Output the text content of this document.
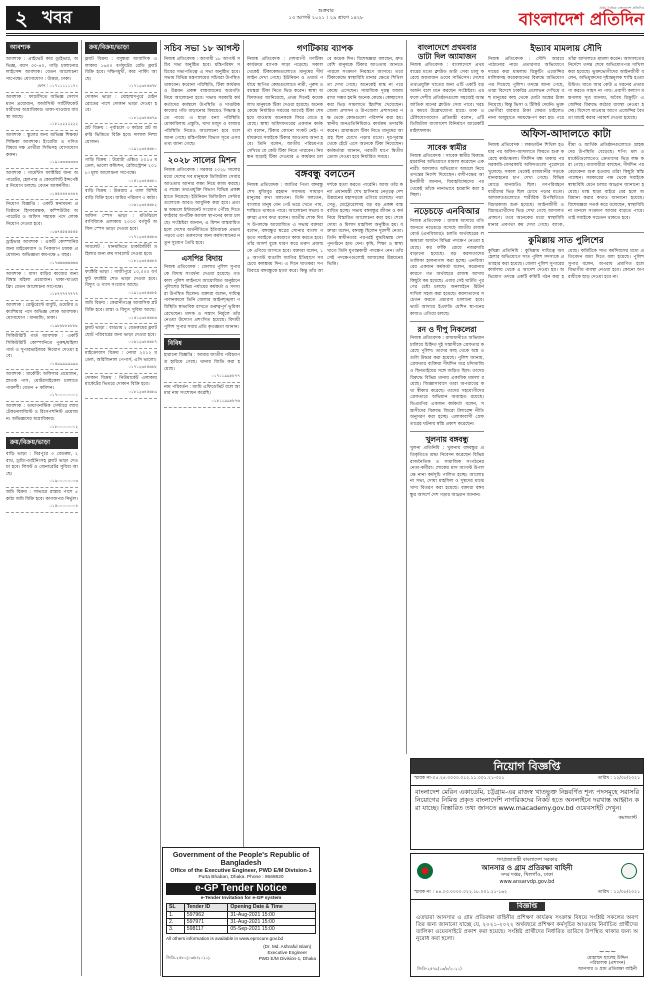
২ খবর	শুক্রবার
১৩ আগস্ট ২০২১ । ২৯ শ্রাবণ ১৪২৮
প্রথম দৈনিক বাংলাদেশ প্রতিদিন
বাংলাদেশ প্রতিদিন
আবশ্যক
আবশ্যক : প্রাইভেট কার ড্রাইভার, অভিজ্ঞ, বয়স ৩০-৪০, গাড়ি চালানোর লাইসেন্স আবশ্যক। বেতন আলোচনা সাপেক্ষে। যোগাযোগ : উত্তরা, ঢাকা।
ফোন : ০১৭১১১১১১৭১
আবশ্যক : ফার্মেসিতে অভিজ্ঞ সেলসম্যান প্রয়োজন, ফার্মাসিস্ট সার্টিফিকেটধারীদের অগ্রাধিকার। থাকা-খাওয়ার ব্যবস্থা আছে।
০১৮১২২২২২২২
আবশ্যক : স্কুলের জন্য অভিজ্ঞ শিক্ষক/শিক্ষিকা আবশ্যক। ইংরেজি ও গণিত বিষয়ে দক্ষ প্রার্থীরা সিভিসহ যোগাযোগ করুন।
০১৯১৩৩৩৩৩৩৩
আবশ্যক : গার্মেন্টস ফ্যাক্টরির জন্য অপারেটর, হেলপার ও কোয়ালিটি ইন্সপেক্টর নিয়োগ চলছে। বেতন আকর্ষণীয়।
০১৫৫৪৪৪৪৪৪৪
নিয়োগ বিজ্ঞপ্তি : একটি স্বনামধন্য প্রতিষ্ঠানে হিসাবরক্ষক, কম্পিউটার অপারেটর ও অফিস সহায়ক পদে লোক নিয়োগ দেওয়া হবে।
০১৬৭৫৫৫৫৫৫৫
ড্রাইভার আবশ্যক : একটি কোম্পানির জন্য মাইক্রোবাস ও পিকআপ চালক প্রয়োজন। অভিজ্ঞতা কমপক্ষে ৫ বছর।
০১৭৬৬৬৬৬৬৬৬
আবশ্যক : বাসা বাড়ির কাজের জন্য বিশ্বস্ত মহিলা প্রয়োজন। থাকা-খাওয়া ফ্রি। বেতন আলোচনা সাপেক্ষে।
০১৮৭৭৭৭৭৭৭৭
আবশ্যক : রেস্টুরেন্টে বাবুর্চি, ওয়েটার ও ক্যাশিয়ার পদে অভিজ্ঞ লোক আবশ্যক। যোগাযোগ : ধানমন্ডি, ঢাকা।
০১৯৮৮৮৮৮৮৮৮
সিকিউরিটি গার্ড আবশ্যক : একটি সিকিউরিটি কোম্পানিতে পুরুষ/মহিলা গার্ড ও সুপারভাইজার নিয়োগ দেওয়া হবে।
০১৫৯৯৯৯৯৯৯৯
আবশ্যক : মার্কেটিং অফিসার প্রয়োজন, স্নাতক পাস, মোটরসাইকেল চালাতে পারদর্শী। বেতন + কমিশন।
০১৭০০০০০০০১
আবশ্যক : ডায়াগনস্টিক সেন্টারে ল্যাব টেকনোলজিস্ট ও রিসেপশনিস্ট প্রয়োজন। অভিজ্ঞদের অগ্রাধিকার।
০১৮০০০০০০০২
ক্রয়/বিক্রয়/ভাড়া
বাড়ি ভাড়া : মিরপুরে ৩ বেডরুম, ২ বাথ, ড্রয়িং-ডাইনিংসহ ফ্ল্যাট ভাড়া দেওয়া হবে। লিফট ও জেনারেটর সুবিধা আছে।
০১৯০০০০০০০৩
জমি বিক্রয় : সাভারে রাস্তার পাশে ৫ কাঠা জমি বিক্রি হবে। কাগজপত্র নির্ভুল।
০১৫০০০০০০০৪
ক্রয়/বিক্রয়/ভাড়া
ফ্ল্যাট বিক্রয় : বসুন্ধরা আবাসিক এলাকায় ১৬০০ বর্গফুটের রেডি ফ্ল্যাট বিক্রি হবে। দক্ষিণমুখী, কার পার্কিং আছে।
০১৭১২৩৪৫৬৭৮
দোকান ভাড়া : মোহাম্মদপুরে মেইন রোডের পাশে দোকান ভাড়া দেওয়া হবে।
০১৮১২৩৪৫৬৭৯
প্লট বিক্রয় : পূর্বাচলে ৩ কাঠার প্লট জরুরি ভিত্তিতে বিক্রি হবে। দালাল নিষ্প্রয়োজন।
০১৯১২৩৪৫৬৮০
গাড়ি বিক্রয় : টয়োটা এক্সিও ২০১৫ মডেল, ভালো কন্ডিশন, রেজিস্ট্রেশন ২০১৮। মূল্য আলোচনা সাপেক্ষে।
০১৫১২৩৪৫৬৮১
বাড়ি বিক্রয় : উত্তরায় ৫ তলা বিশিষ্ট বাড়ি বিক্রি হবে। জমির পরিমাণ ৩ কাঠা।
০১৬১২৩৪৫৬৮২
অফিস স্পেস ভাড়া : মতিঝিলে বাণিজ্যিক এলাকায় ২০০০ বর্গফুট অফিস স্পেস ভাড়া দেওয়া হবে।
০১৭১২৩৪৫৬৮৩
সাবলেট : ধানমন্ডিতে চাকরিজীবী মহিলার জন্য রুম সাবলেট দেওয়া হবে।
০১৮১২৩৪৫৬৮৪
ফ্যাক্টরি ভাড়া : গাজীপুরে ১০,০০০ বর্গফুট ফ্যাক্টরি শেড ভাড়া দেওয়া হবে। বিদ্যুৎ ও গ্যাস সংযোগ আছে।
০১৯১২৩৪৫৬৮৫
জমি বিক্রয় : কেরানীগঞ্জে আবাসিক প্লট বিক্রি হবে। রাস্তা ও বিদ্যুৎ সুবিধা আছে।
০১৫১২৩৪৫৬৮৬
ফ্ল্যাট ভাড়া : বাড্ডায় ২ বেডরুমের ফ্ল্যাট ছোট পরিবারের জন্য ভাড়া দেওয়া হবে।
০১৬১২৩৪৫৬৮৭
মাইক্রোবাস বিক্রয় : নোয়া ২০১২ মডেল, অরিজিনাল পেপার্স, এসি ভালো।
০১৭১২৩৪৫৬৮৮
দোকান বিক্রয় : নিউমার্কেট এলাকায় মার্কেটের ভিতরে দোকান বিক্রি হবে।
০১৮১২৩৪৫৬৮৯
সচিব সভা ১৮ আগস্ট
নিজস্ব প্রতিবেদক : আগামী ১৮ আগস্ট সচিব সভা অনুষ্ঠিত হবে। মন্ত্রিপরিষদ সচিবের সভাপতিত্বে এ সভা অনুষ্ঠিত হবে। সভায় বিভিন্ন মন্ত্রণালয়ের সচিবরা উপস্থিত থাকবেন। করোনা পরিস্থিতি, টিকা কার্যক্রম ও উন্নয়ন প্রকল্প বাস্তবায়নের অগ্রগতি নিয়ে আলোচনা হবে। সভায় সরকারি কর্মকর্তাদের কর্মস্থলে উপস্থিতি ও দাপ্তরিক কাজের গতি বাড়ানোর বিষয়েও সিদ্ধান্ত হতে পারে। এ ছাড়া বন্যা পরিস্থিতি মোকাবিলায় প্রস্তুতি, খাদ্য মজুদ ও বাজার পরিস্থিতি নিয়েও আলোচনা হবে বলে জানা গেছে। মন্ত্রিপরিষদ বিভাগ সূত্রে এসব তথ্য জানা গেছে।
২০২৮ সালের মিশন
নিজস্ব প্রতিবেদক : সরকার ২০২৮ সালের মধ্যে দেশের সব মানুষকে ডিজিটাল সেবার আওতায় আনার লক্ষ্য নিয়ে কাজ করছে। এ লক্ষ্যে তথ্যপ্রযুক্তি বিভাগ বিভিন্ন প্রকল্প হাতে নিয়েছে। ইউনিয়ন ডিজিটাল সেন্টারগুলোকে আরও আধুনিক করা হবে। প্রত্যন্ত অঞ্চলে ইন্টারনেট সংযোগ পৌঁছে দিতে ফাইবার অপটিক ক্যাবল স্থাপনের কাজ চলছে। সংশ্লিষ্টরা জানান, এ মিশন বাস্তবায়িত হলে দেশের অর্থনীতিতে ইতিবাচক প্রভাব পড়বে এবং তরুণদের জন্য কর্মসংস্থানের নতুন সুযোগ তৈরি হবে।
এসপির বিদায়
নিজস্ব প্রতিবেদক : জেলার পুলিশ সুপারকে বিদায় সংবর্ধনা দেওয়া হয়েছে। গতকাল পুলিশ লাইনসে আয়োজিত অনুষ্ঠানে পুলিশের বিভিন্ন পর্যায়ের কর্মকর্তা ও সদস্যরা উপস্থিত ছিলেন। বক্তারা বলেন, দায়িত্ব পালনকালে তিনি জেলার আইনশৃঙ্খলা পরিস্থিতি স্বাভাবিক রাখতে গুরুত্বপূর্ণ ভূমিকা রেখেছেন। মাদক ও সন্ত্রাস নির্মূলে তাঁর নেওয়া উদ্যোগ প্রশংসিত হয়েছে। বিদায়ী পুলিশ সুপার সবার প্রতি কৃতজ্ঞতা জানান।
বিবিধ
হারানো বিজ্ঞপ্তি : আমার জাতীয় পরিচয়পত্র হারিয়ে গেছে। থানায় জিডি করা হয়েছে।
০১৭১১৯৯৮৮৭৭
নাম পরিবর্তন : আমি এফিডেভিট বলে আমার নাম সংশোধন করেছি।
০১৮১১৯৯৮৮৭৬
গণটিকায় ব্যাপক
নিজস্ব প্রতিবেদক : দেশব্যাপী গণটিকা কার্যক্রমে ব্যাপক সাড়া পড়েছে। সকাল থেকেই টিকাকেন্দ্রগুলোতে মানুষের দীর্ঘ লাইন দেখা গেছে। ইউনিয়ন ও ওয়ার্ড পর্যায়ে স্থাপিত কেন্দ্রগুলোতে নারী, পুরুষ ও বয়স্করা টিকা নিতে ভিড় করেন। স্বাস্থ্য অধিদফতর জানিয়েছে, প্রথম দিনেই কয়েক লাখ মানুষকে টিকা দেওয়া হয়েছে। অনেক কেন্দ্রে নির্ধারিত সময়ের আগেই টিকা শেষ হয়ে যাওয়ায় অনেককে ফিরে যেতে হয়েছে। স্বাস্থ্য অধিদফতরের একজন কর্মকর্তা বলেন, টিকার কোনো সংকট নেই। পর্যায়ক্রমে সবাইকে টিকার আওতায় আনা হবে। তিনি বলেন, জাতীয় পরিচয়পত্র দেখিয়ে যে কেউ টিকা নিতে পারবেন। নিবন্ধন ছাড়াই টিকা দেওয়ার এ কার্যক্রম চলবে কয়েক দিন। বিশেষজ্ঞরা বলছেন, দ্রুত বেশি মানুষকে টিকার আওতায় আনতে পারলে সংক্রমণ নিয়ন্ত্রণে আসবে। তবে টিকাকেন্দ্রে স্বাস্থ্যবিধি মানার ক্ষেত্রে শিথিলতা দেখা গেছে। অনেকেই মাস্ক না পরে কেন্দ্রে এসেছেন। সামাজিক দূরত্ব বজায় রাখা সম্ভব হয়নি অনেক কেন্দ্রে। স্বেচ্ছাসেবকরা ভিড় সামলাতে হিমশিম খেয়েছেন। জেলা প্রশাসন ও উপজেলা প্রশাসনের পক্ষ থেকে কেন্দ্রগুলো পরিদর্শন করা হয়। স্থানীয় জনপ্রতিনিধিরাও কার্যক্রম তদারকি করেন। গ্রামাঞ্চলে টিকা নিতে মানুষের আগ্রহ ছিল চোখে পড়ার মতো। দূর-দূরান্ত থেকে হেঁটে এসে অনেকে টিকা নিয়েছেন। কর্মকর্তারা জানান, পরবর্তী ধাপে দ্বিতীয় ডোজ দেওয়া হবে নির্ধারিত সময়ে।
বঙ্গবন্ধু বলতেন
নিজস্ব প্রতিবেদক : জাতির পিতা বঙ্গবন্ধু শেখ মুজিবুর রহমান সবসময় সাধারণ মানুষের কথা বলতেন। তিনি বলতেন, বাংলার মানুষ যেন পেট ভরে খেতে পায়, শান্তিতে থাকতে পারে। আলোচনা সভায় বক্তারা এসব কথা বলেন। জাতীয় শোক দিবস উপলক্ষে আয়োজিত এ সভায় বক্তারা বলেন, বঙ্গবন্ধুর স্বপ্নের সোনার বাংলা গড়তে সবাইকে একযোগে কাজ করতে হবে। তাঁর আদর্শ বুকে ধারণ করে তরুণ প্রজন্মকে এগিয়ে আসতে হবে। বক্তারা বলেন, ১৫ আগস্ট বাঙালি জাতির ইতিহাসে সবচেয়ে কলঙ্কময় দিন। এ দিনে ঘাতকরা সপরিবারে বঙ্গবন্ধুকে হত্যা করে। কিন্তু তাঁর আদর্শকে হত্যা করতে পারেনি। আজ তাঁর কন্যা প্রধানমন্ত্রী শেখ হাসিনার নেতৃত্বে দেশ উন্নয়নের মহাসড়কে এগিয়ে চলেছে। পদ্মা সেতু, মেট্রোরেলসহ বড় বড় প্রকল্প বাস্তবায়িত হচ্ছে। সভায় বঙ্গবন্ধুর জীবন ও কর্ম নিয়ে বিস্তারিত আলোচনা করা হয়। শেষে দোয়া ও মিলাদ মাহফিল অনুষ্ঠিত হয়। বক্তারা বলেন, বঙ্গবন্ধু ছিলেন দূরদর্শী নেতা। তিনি স্বাধীনতার পরপরই যুদ্ধবিধ্বস্ত দেশ পুনর্গঠনে হাত দেন। কৃষি, শিক্ষা ও স্বাস্থ্য খাতে তিনি যুগান্তকারী পদক্ষেপ নেন। তাঁর সেই পদক্ষেপগুলোই আজকের উন্নয়নের ভিত্তি।
বাংলাদেশে প্রথমবার ডাটা দিল অ্যামাজন
নিজস্ব প্রতিবেদক : বাংলাদেশে প্রথমবারের মতো ক্লাউড ডাটা সেবা চালু করেছে অ্যামাজন ওয়েব সার্ভিসেস। দেশের তথ্যপ্রযুক্তি খাতের জন্য এটি একটি বড় অর্জন বলে মনে করছেন সংশ্লিষ্টরা। এর ফলে দেশীয় প্রতিষ্ঠানগুলো সহজেই আন্তর্জাতিক মানের ক্লাউড সেবা পাবে। খরচও কমবে উল্লেখযোগ্য হারে। ডাক ও টেলিযোগাযোগ প্রতিমন্ত্রী বলেন, এটি ডিজিটাল বাংলাদেশ বিনির্মাণে আরেকটি মাইলফলক।
সাবেক স্বামীর
নিজস্ব প্রতিবেদক : সাবেক স্বামীর বিরুদ্ধে হয়রানির অভিযোগে মামলা করেছেন এক নারী। আদালত অভিযোগ আমলে নিয়ে তদন্তের নির্দেশ দিয়েছেন। বাদীপক্ষের আইনজীবী জানান, বিবাহবিচ্ছেদের পর থেকেই তাঁকে নানাভাবে হয়রানি করা হচ্ছিল।
নড়েচড়ে এনবিআর
নিজস্ব প্রতিবেদক : রাজস্ব আদায়ে গতি আনতে নড়েচড়ে বসেছে জাতীয় রাজস্ব বোর্ড (এনবিআর)। চলতি অর্থবছরের লক্ষ্যমাত্রা অর্জনে বিভিন্ন পদক্ষেপ নেওয়া হয়েছে। কর ফাঁকি রোধে নজরদারি বাড়ানো হয়েছে। বড় করদাতাদের তালিকা হালনাগাদ করা হচ্ছে। এনবিআরের একজন কর্মকর্তা বলেন, করোনার কারণে গত অর্থবছরে রাজস্ব আদায় কিছুটা কম হয়েছে। এবার সেই ঘাটতি পূরণের চেষ্টা চলছে। অনলাইনে রিটার্ন দাখিল সহজ করা হয়েছে। করদাতাদের সচেতন করতে প্রচারণা চালানো হবে। ভ্যাট আদায়ে ইএফডি মেশিন স্থাপনের কাজও এগিয়ে চলছে।
রন ও দীপু নিকলেরা
নিজস্ব প্রতিবেদক : রাজধানীতে অভিযান চালিয়ে চিহ্নিত দুই সন্ত্রাসীকে গ্রেফতার করেছে পুলিশ। তাদের কাছ থেকে অস্ত্র ও গুলি উদ্ধার করা হয়েছে। পুলিশ জানায়, গ্রেফতার ব্যক্তিরা দীর্ঘদিন ধরে চাঁদাবাজি ও ছিনতাইয়ের সঙ্গে জড়িত ছিল। তাদের বিরুদ্ধে বিভিন্ন থানায় একাধিক মামলা রয়েছে। জিজ্ঞাসাবাদে তারা অপরাধের কথা স্বীকার করেছে। তাদের সহযোগীদের গ্রেফতারে অভিযান অব্যাহত রয়েছে। ডিএমপির একজন কর্মকর্তা বলেন, সন্ত্রাসীদের বিরুদ্ধে জিরো টলারেন্স নীতি অনুসরণ করা হচ্ছে। এলাকাবাসী গ্রেফতারের ঘটনায় স্বস্তি প্রকাশ করেছেন।
খুলনায় বঙ্গবন্ধু
খুলনা প্রতিনিধি : খুলনায় বঙ্গবন্ধুর প্রতিকৃতিতে শ্রদ্ধা নিবেদন করেছেন বিভিন্ন রাজনৈতিক ও সামাজিক সংগঠনের নেতা-কর্মীরা। শোকের মাস আগস্ট উপলক্ষে নানা কর্মসূচি পালিত হচ্ছে। আলোচনা সভা, দোয়া মাহফিল ও দুস্থদের মাঝে খাদ্য বিতরণ করা হয়েছে। বক্তারা বঙ্গবন্ধুর আদর্শে দেশ গড়ার আহ্বান জানান।
ইভ্যাব মামলায় সৌদি
নিজস্ব প্রতিবেদক : সৌদি আরবে পাঠানোর নামে প্রতারণার অভিযোগে দায়ের করা মামলায় রিক্রুটিং এজেন্সির মালিকসহ কয়েকজনের বিরুদ্ধে অভিযোগপত্র দিয়েছে পুলিশ। তদন্তে জানা গেছে, তারা বিদেশে চাকরির প্রলোভন দেখিয়ে বহু মানুষের কাছ থেকে মোটা অঙ্কের টাকা নিয়েছে। কিন্তু ভিসা ও টিকিট দেয়নি। ভুক্তভোগীরা বারবার টাকা ফেরত চাইলেও নানা অজুহাতে সময়ক্ষেপণ করা হয়। পরে তাঁরা আদালতে মামলা করেন। আদালতের নির্দেশে তদন্ত শেষে অভিযোগপত্র দাখিল করা হয়েছে। ভুক্তভোগীদের আইনজীবী বলেন, অভিযুক্তদের দৃষ্টান্তমূলক শাস্তি হওয়া উচিত। যাতে আর কেউ এ ধরনের প্রতারণা করতে সাহস না পায়। প্রবাসী কল্যাণ মন্ত্রণালয় সূত্র জানায়, অবৈধ রিক্রুটিং এজেন্সির বিরুদ্ধে কঠোর ব্যবস্থা নেওয়া হচ্ছে। বিদেশে যাওয়ার আগে এজেন্সির বৈধতা যাচাই করার পরামর্শ দেওয়া হয়েছে।
অফিস-আদালতে কাটা
নিজস্ব প্রতিবেদক : লকডাউন শিথিল হওয়ার পর অফিস-আদালতে ফিরতে শুরু করেছে কর্মচাঞ্চল্য। দীর্ঘদিন বন্ধ থাকার পর সরকারি-বেসরকারি অফিসগুলো পুরোদমে খুলেছে। সকাল থেকেই রাজধানীর সড়কে যানবাহনের চাপ দেখা গেছে। বিভিন্ন মোড়ে যানজটও ছিল। গণপরিবহনে যাত্রীদের ভিড় ছিল চোখে পড়ার মতো। আদালতগুলোতে শারীরিক উপস্থিতিতে বিচারকাজ শুরু হয়েছে। আইনজীবী ও বিচারপ্রার্থীদের ভিড় দেখা গেছে আদালত প্রাঙ্গণে। তবে অনেকের মধ্যে স্বাস্থ্যবিধি মানার প্রবণতা কম দেখা গেছে। ব্যাংক, বীমা ও আর্থিক প্রতিষ্ঠানগুলোতে গ্রাহকদের উপস্থিতি বেড়েছে। শপিং মল ও মার্কেটগুলোতেও ক্রেতাদের ভিড় লক্ষ করা গেছে। ব্যবসায়ীরা বলছেন, দীর্ঘদিন পর বেচাকেনা শুরু হওয়ায় তাঁরা কিছুটা স্বস্তি পাচ্ছেন। সরকারের পক্ষ থেকে সবাইকে স্বাস্থ্যবিধি মেনে চলার আহ্বান জানানো হয়েছে। মাস্ক ছাড়া বাইরে বের হলে জরিমানা করার কথাও জানানো হয়েছে। বিশেষজ্ঞরা সতর্ক করে বলেছেন, স্বাস্থ্যবিধি না মানলে সংক্রমণ আবার বাড়তে পারে। তাই সবাইকে সচেতন থাকতে হবে।
কুমিল্লায় সাত পুলিশের
কুমিল্লা প্রতিনিধি : কুমিল্লায় দায়িত্বে অবহেলার অভিযোগে সাত পুলিশ সদস্যকে প্রত্যাহার করা হয়েছে। জেলা পুলিশ সুপারের কার্যালয় থেকে এ আদেশ দেওয়া হয়। অভিযোগ তদন্তে একটি কমিটি গঠন করা হয়েছে। কমিটিকে সাত কর্মদিবসের মধ্যে প্রতিবেদন জমা দিতে বলা হয়েছে। পুলিশ সুপার বলেন, অপরাধ প্রমাণিত হলে বিভাগীয় ব্যবস্থা নেওয়া হবে। কোনো অপরাধীকে ছাড় দেওয়া হবে না।
নিয়োগ বিজ্ঞপ্তি
স্মারক নং-০৫.২৪.০০০০.০১২.১১.০০১.২১-৩২১	তারিখ : ১২/০৮/২০২১
বাংলাদেশ মেরিন একাডেমি, চট্টগ্রাম-এর রাজস্ব খাতভুক্ত নিম্নবর্ণিত শূন্য পদসমূহে সরাসরি নিয়োগের নিমিত্ত প্রকৃত বাংলাদেশি নাগরিকদের নিকট হতে অনলাইনে দরখাস্ত আহ্বান করা যাচ্ছে। বিস্তারিত তথ্য জানতে www.macademy.gov.bd ওয়েবসাইট দেখুন।
কমান্ড্যান্ট
গণপ্রজাতন্ত্রী বাংলাদেশ সরকার
আনসার ও গ্রাম প্রতিরক্ষা বাহিনী
সদর দপ্তর, খিলগাঁও, ঢাকা
www.ansarvdp.gov.bd
স্মারক নং : ৪৪.০৩.০০০০.০২২.১৮.০০১.২১-১৬২	তারিখ : ১১/০৮/২০২১
বিজ্ঞপ্তি
এতদ্বারা আনসার ও গ্রাম প্রতিরক্ষা বাহিনীর প্রশিক্ষণ কার্যক্রম সংক্রান্ত বিষয়ে সংশ্লিষ্ট সকলের অবগতির জন্য জানানো যাচ্ছে যে, ২০২১-২০২২ অর্থবছরে প্রশিক্ষণ কর্মসূচির আওতায় নির্বাচিত প্রার্থীদের তালিকা ওয়েবসাইটে প্রকাশ করা হয়েছে। সংশ্লিষ্ট প্রার্থীদের নির্ধারিত তারিখে উপস্থিত থাকার জন্য অনুরোধ করা হলো।
~~~
মোহাম্মদ ছালেহ উদ্দিন
পরিচালক (প্রশাসন)
আনসার ও গ্রাম প্রতিরক্ষা বাহিনী
জিডি-২৫৭৯(১৩/৮/২০২১)
Government of the People's Republic of Bangladesh
Office of the Executive Engineer, PWD E/M Division-1
Purta Bhaban, Dhaka. Phone : 9569820
e-GP Tender Notice
e-Tender Invitation for e-GP system
SL	Tender ID	Opening Date & Time
1.	597962	31-Aug-2021 15:00
2.	597971	31-Aug-2021 15:00
3.	598117	05-Sep-2021 15:00
All others information is available in www.eprocure.gov.bd
জিডি-২৫৮০(১৩/৮/২০২১)
(Dr. Md. Ashraful Islam)
Executive Engineer
PWD E/M Division-1, Dhaka
